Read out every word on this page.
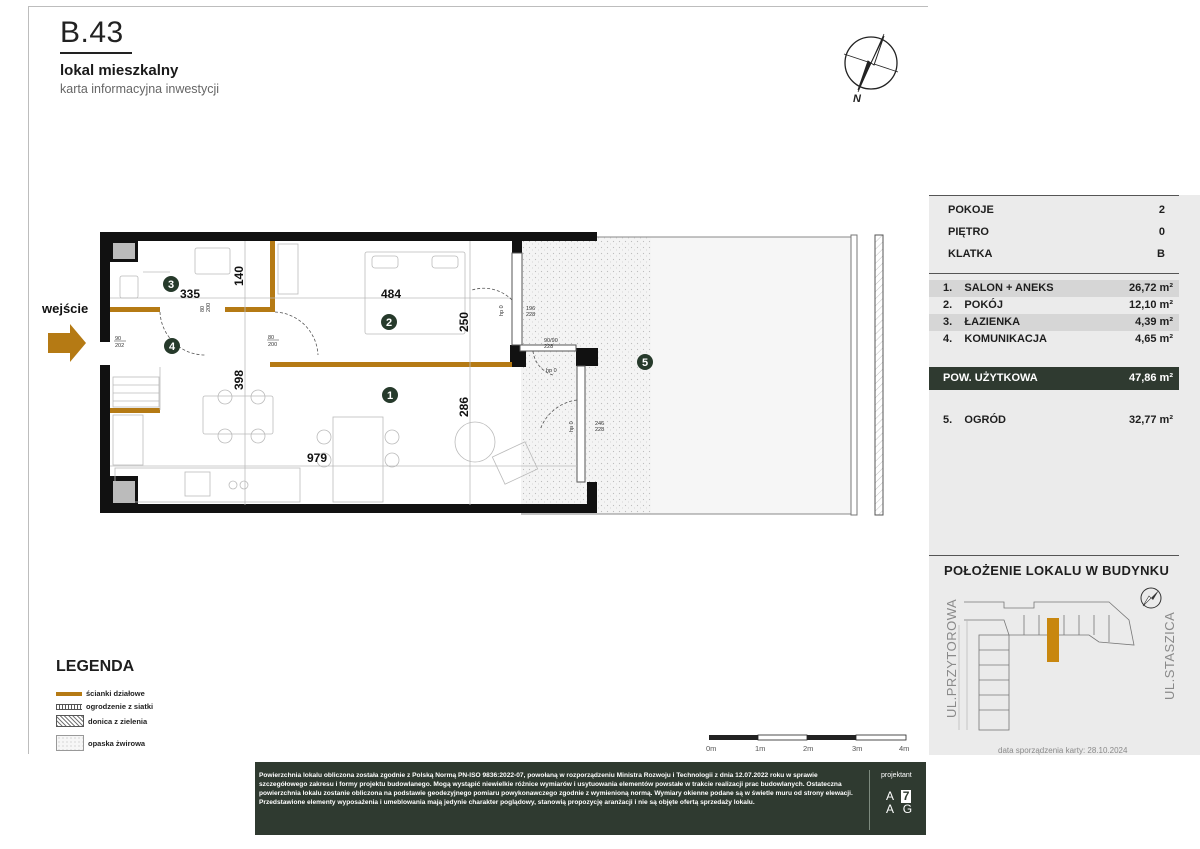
B.43
lokal mieszkalny
karta informacyjna inwestycji
N
335
140
484
250
398
286
979
90
202
80 200
80
200
196
228
hp 0
90/90
228
hp 0
246
228
hp 0
1
2
3
4
5
wejście
POKOJE	2
PIĘTRO	0
KLATKA	B
1. SALON + ANEKS	26,72 m²
2. POKÓJ	12,10 m²
3. ŁAZIENKA	4,39 m²
4. KOMUNIKACJA	4,65 m²
POW. UŻYTKOWA	47,86 m²
5. OGRÓD	32,77 m²
POŁOŻENIE LOKALU W BUDYNKU
UL.PRZYTOROWA	UL.STASZICA
data sporządzenia karty: 28.10.2024
LEGENDA
ścianki działowe
ogrodzenie z siatki
donica z zieleniа
opaska żwirowa
0m	1m	2m	3m	4m
Powierzchnia lokalu obliczona została zgodnie z Polską Normą PN-ISO 9836:2022-07, powołaną w rozporządzeniu Ministra Rozwoju i Technologii z dnia 12.07.2022 roku w sprawie szczegółowego zakresu i formy projektu budowlanego. Mogą wystąpić niewielkie różnice wymiarów i usytuowania elementów powstałe w trakcie realizacji prac budowlanych. Ostateczna powierzchnia lokalu zostanie obliczona na podstawie geodezyjnego pomiaru powykonawczego zgodnie z wymienioną normą. Wymiary okienne podane są w świetle muru od strony elewacji. Przedstawione elementy wyposażenia i umeblowania mają jedynie charakter poglądowy, stanowią propozycję aranżacji i nie są objęte ofertą sprzedaży lokalu.
projektant
A 7
A G
